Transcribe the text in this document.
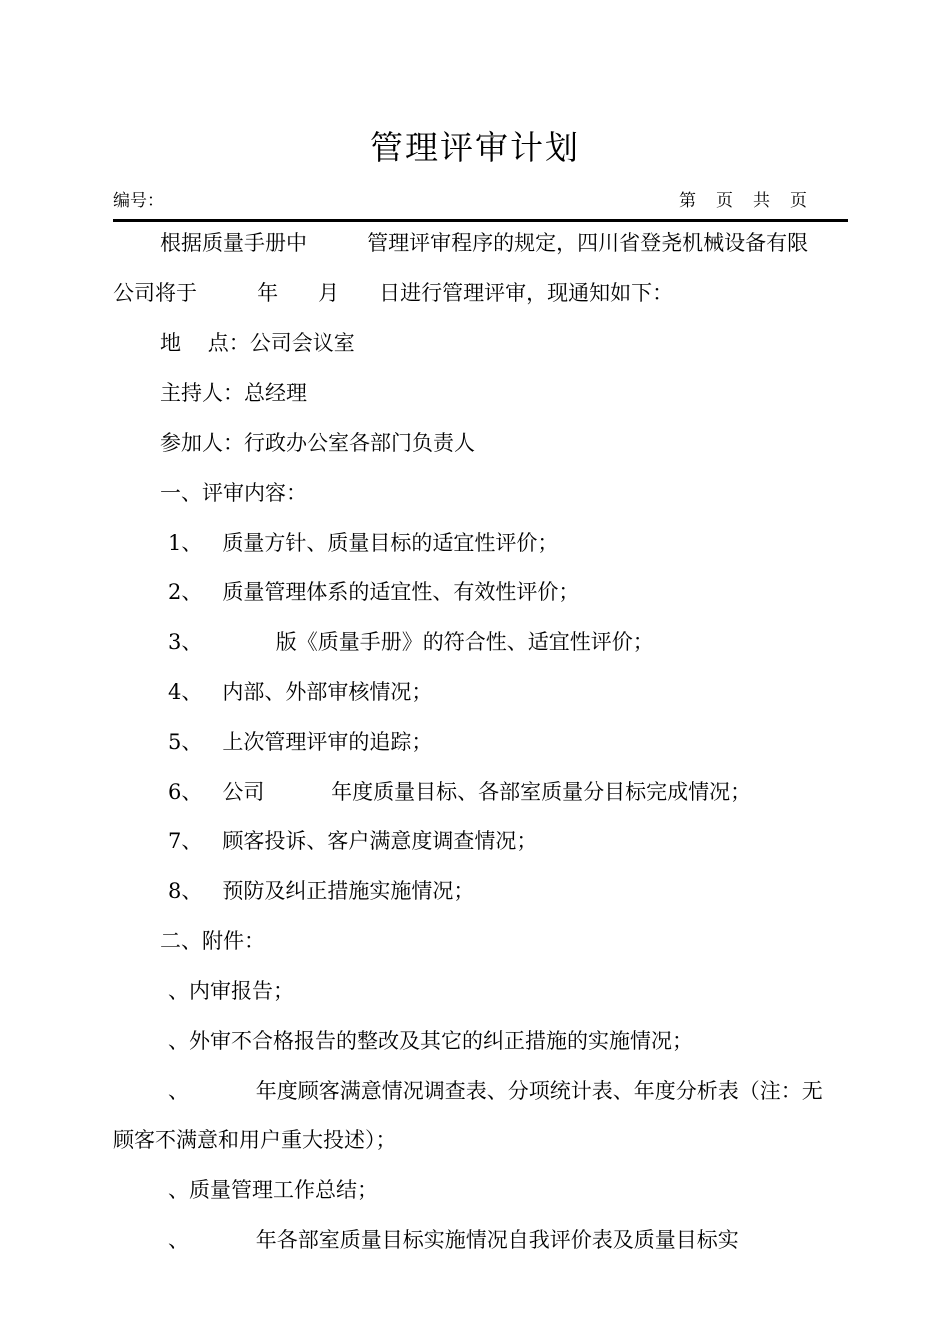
管理评审计划
编号：	第 页 共 页
根据质量手册中         管理评审程序的规定，四川省登尧机械设备有限
公司将于         年      月      日进行管理评审，现通知如下：
地    点：公司会议室
主持人：总经理
参加人：行政办公室各部门负责人
一、评审内容：
1、   质量方针、质量目标的适宜性评价；
2、   质量管理体系的适宜性、有效性评价；
3、           版《质量手册》的符合性、适宜性评价；
4、   内部、外部审核情况；
5、   上次管理评审的追踪；
6、   公司          年度质量目标、各部室质量分目标完成情况；
7、   顾客投诉、客户满意度调查情况；
8、   预防及纠正措施实施情况；
二、附件：
、内审报告；
、外审不合格报告的整改及其它的纠正措施的实施情况；
、          年度顾客满意情况调查表、分项统计表、年度分析表（注：无
顾客不满意和用户重大投述）；
、质量管理工作总结；
、          年各部室质量目标实施情况自我评价表及质量目标实
